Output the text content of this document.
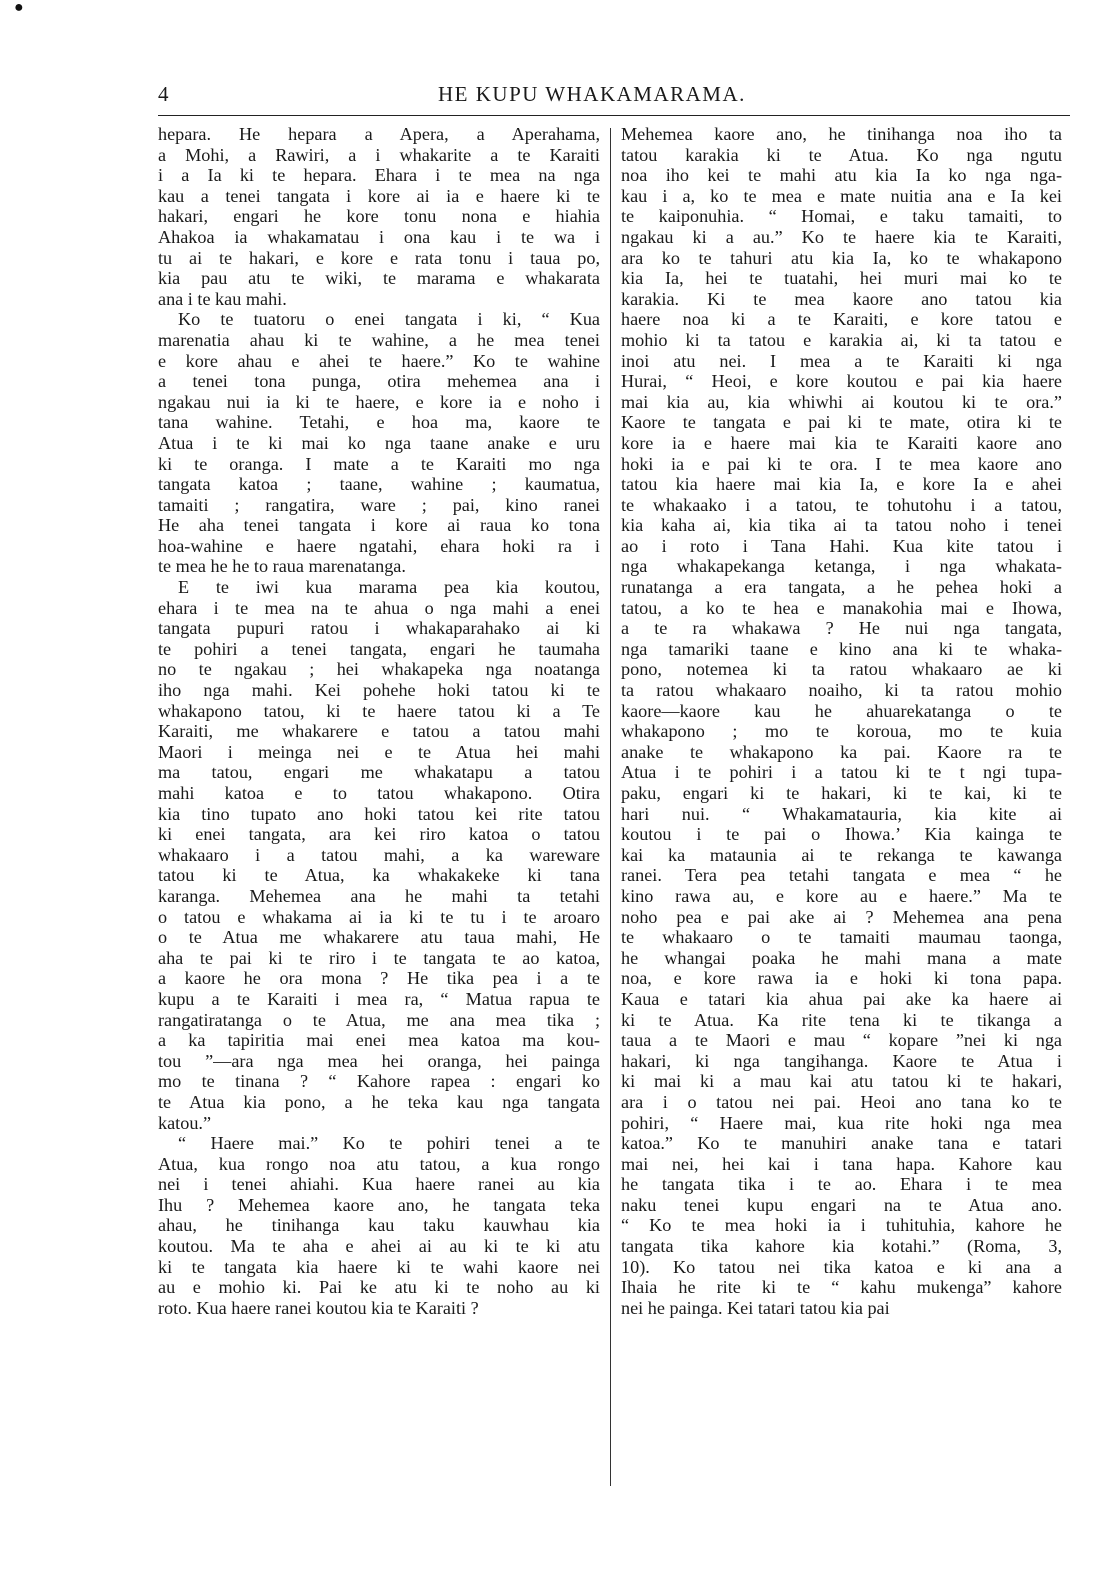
●
4	HE KUPU WHAKAMARAMA.
hepara. He hepara a Apera, a Aperahama,
a Mohi, a Rawiri, a i whakarite a te Karaiti
i a Ia ki te hepara. Ehara i te mea na nga
kau a tenei tangata i kore ai ia e haere ki te
hakari, engari he kore tonu nona e hiahia
Ahakoa ia whakamatau i ona kau i te wa i
tu ai te hakari, e kore e rata tonu i taua po,
kia pau atu te wiki, te marama e whakarata
ana i te kau mahi.
Ko te tuatoru o enei tangata i ki, “ Kua
marenatia ahau ki te wahine, a he mea tenei
e kore ahau e ahei te haere.” Ko te wahine
a tenei tona punga, otira mehemea ana i
ngakau nui ia ki te haere, e kore ia e noho i
tana wahine. Tetahi, e hoa ma, kaore te
Atua i te ki mai ko nga taane anake e uru
ki te oranga. I mate a te Karaiti mo nga
tangata katoa ; taane, wahine ; kaumatua,
tamaiti ; rangatira, ware ; pai, kino ranei
He aha tenei tangata i kore ai raua ko tona
hoa-wahine e haere ngatahi, ehara hoki ra i
te mea he he to raua marenatanga.
E te iwi kua marama pea kia koutou,
ehara i te mea na te ahua o nga mahi a enei
tangata pupuri ratou i whakaparahako ai ki
te pohiri a tenei tangata, engari he taumaha
no te ngakau ; hei whakapeka nga noatanga
iho nga mahi. Kei pohehe hoki tatou ki te
whakapono tatou, ki te haere tatou ki a Te
Karaiti, me whakarere e tatou a tatou mahi
Maori i meinga nei e te Atua hei mahi
ma tatou, engari me whakatapu a tatou
mahi katoa e to tatou whakapono. Otira
kia tino tupato ano hoki tatou kei rite tatou
ki enei tangata, ara kei riro katoa o tatou
whakaaro i a tatou mahi, a ka wareware
tatou ki te Atua, ka whakakeke ki tana
karanga. Mehemea ana he mahi ta tetahi
o tatou e whakama ai ia ki te tu i te aroaro
o te Atua me whakarere atu taua mahi, He
aha te pai ki te riro i te tangata te ao katoa,
a kaore he ora mona ? He tika pea i a te
kupu a te Karaiti i mea ra, “ Matua rapua te
rangatiratanga o te Atua, me ana mea tika ;
a ka tapiritia mai enei mea katoa ma kou-
tou ”—ara nga mea hei oranga, hei painga
mo te tinana ? “ Kahore rapea : engari ko
te Atua kia pono, a he teka kau nga tangata
katou.”
“ Haere mai.” Ko te pohiri tenei a te
Atua, kua rongo noa atu tatou, a kua rongo
nei i tenei ahiahi. Kua haere ranei au kia
Ihu ? Mehemea kaore ano, he tangata teka
ahau, he tinihanga kau taku kauwhau kia
koutou. Ma te aha e ahei ai au ki te ki atu
ki te tangata kia haere ki te wahi kaore nei
au e mohio ki. Pai ke atu ki te noho au ki
roto. Kua haere ranei koutou kia te Karaiti ?
Mehemea kaore ano, he tinihanga noa iho ta
tatou karakia ki te Atua. Ko nga ngutu
noa iho kei te mahi atu kia Ia ko nga nga-
kau i a, ko te mea e mate nuitia ana e Ia kei
te kaiponuhia. “ Homai, e taku tamaiti, to
ngakau ki a au.” Ko te haere kia te Karaiti,
ara ko te tahuri atu kia Ia, ko te whakapono
kia Ia, hei te tuatahi, hei muri mai ko te
karakia. Ki te mea kaore ano tatou kia
haere noa ki a te Karaiti, e kore tatou e
mohio ki ta tatou e karakia ai, ki ta tatou e
inoi atu nei. I mea a te Karaiti ki nga
Hurai, “ Heoi, e kore koutou e pai kia haere
mai kia au, kia whiwhi ai koutou ki te ora.”
Kaore te tangata e pai ki te mate, otira ki te
kore ia e haere mai kia te Karaiti kaore ano
hoki ia e pai ki te ora. I te mea kaore ano
tatou kia haere mai kia Ia, e kore Ia e ahei
te whakaako i a tatou, te tohutohu i a tatou,
kia kaha ai, kia tika ai ta tatou noho i tenei
ao i roto i Tana Hahi. Kua kite tatou i
nga whakapekanga ketanga, i nga whakata-
runatanga a era tangata, a he pehea hoki a
tatou, a ko te hea e manakohia mai e Ihowa,
a te ra whakawa ? He nui nga tangata,
nga tamariki taane e kino ana ki te whaka-
pono, notemea ki ta ratou whakaaro ae ki
ta ratou whakaaro noaiho, ki ta ratou mohio
kaore—kaore kau he ahuarekatanga o te
whakapono ; mo te koroua, mo te kuia
anake te whakapono ka pai. Kaore ra te
Atua i te pohiri i a tatou ki te t ngi tupa-
paku, engari ki te hakari, ki te kai, ki te
hari nui. “ Whakamatauria, kia kite ai
koutou i te pai o Ihowa.’ Kia kainga te
kai ka mataunia ai te rekanga te kawanga
ranei. Tera pea tetahi tangata e mea “ he
kino rawa au, e kore au e haere.” Ma te
noho pea e pai ake ai ? Mehemea ana pena
te whakaaro o te tamaiti maumau taonga,
he whangai poaka he mahi mana a mate
noa, e kore rawa ia e hoki ki tona papa.
Kaua e tatari kia ahua pai ake ka haere ai
ki te Atua. Ka rite tena ki te tikanga a
taua a te Maori e mau “ kopare ”nei ki nga
hakari, ki nga tangihanga. Kaore te Atua i
ki mai ki a mau kai atu tatou ki te hakari,
ara i o tatou nei pai. Heoi ano tana ko te
pohiri, “ Haere mai, kua rite hoki nga mea
katoa.” Ko te manuhiri anake tana e tatari
mai nei, hei kai i tana hapa. Kahore kau
he tangata tika i te ao. Ehara i te mea
naku tenei kupu engari na te Atua ano.
“ Ko te mea hoki ia i tuhituhia, kahore he
tangata tika kahore kia kotahi.” (Roma, 3,
10). Ko tatou nei tika katoa e ki ana a
Ihaia he rite ki te “ kahu mukenga” kahore
nei he painga. Kei tatari tatou kia pai
